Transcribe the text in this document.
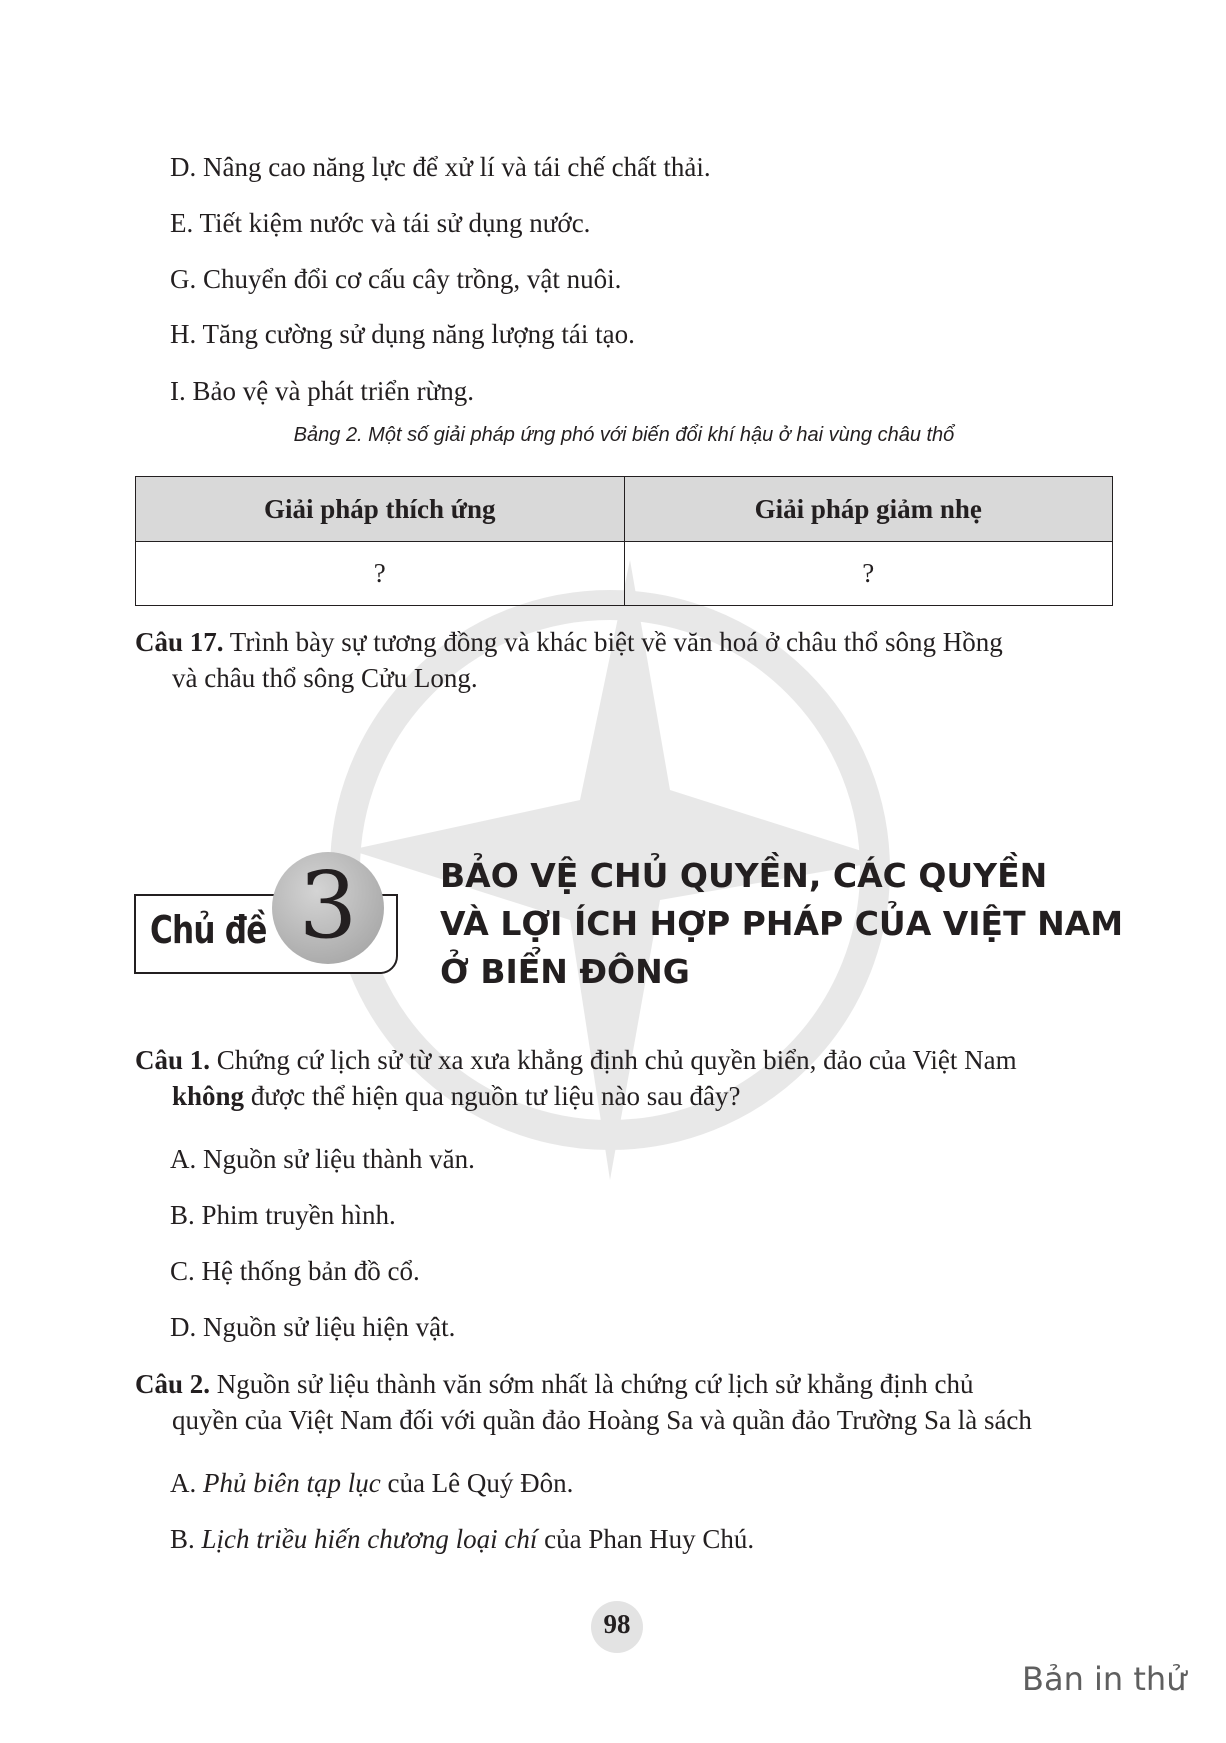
D. Nâng cao năng lực để xử lí và tái chế chất thải.
E. Tiết kiệm nước và tái sử dụng nước.
G. Chuyển đổi cơ cấu cây trồng, vật nuôi.
H. Tăng cường sử dụng năng lượng tái tạo.
I. Bảo vệ và phát triển rừng.
Bảng 2. Một số giải pháp ứng phó với biến đổi khí hậu ở hai vùng châu thổ
Giải pháp thích ứng	Giải pháp giảm nhẹ
?	?
Câu 17. Trình bày sự tương đồng và khác biệt về văn hoá ở châu thổ sông Hồng
và châu thổ sông Cửu Long.
Chủ đề 3	BẢO VỆ CHỦ QUYỀN, CÁC QUYỀN
VÀ LỢI ÍCH HỢP PHÁP CỦA VIỆT NAM
Ở BIỂN ĐÔNG
Câu 1. Chứng cứ lịch sử từ xa xưa khẳng định chủ quyền biển, đảo của Việt Nam
không được thể hiện qua nguồn tư liệu nào sau đây?
A. Nguồn sử liệu thành văn.
B. Phim truyền hình.
C. Hệ thống bản đồ cổ.
D. Nguồn sử liệu hiện vật.
Câu 2. Nguồn sử liệu thành văn sớm nhất là chứng cứ lịch sử khẳng định chủ
quyền của Việt Nam đối với quần đảo Hoàng Sa và quần đảo Trường Sa là sách
A. Phủ biên tạp lục của Lê Quý Đôn.
B. Lịch triều hiến chương loại chí của Phan Huy Chú.
98
Bản in thử
